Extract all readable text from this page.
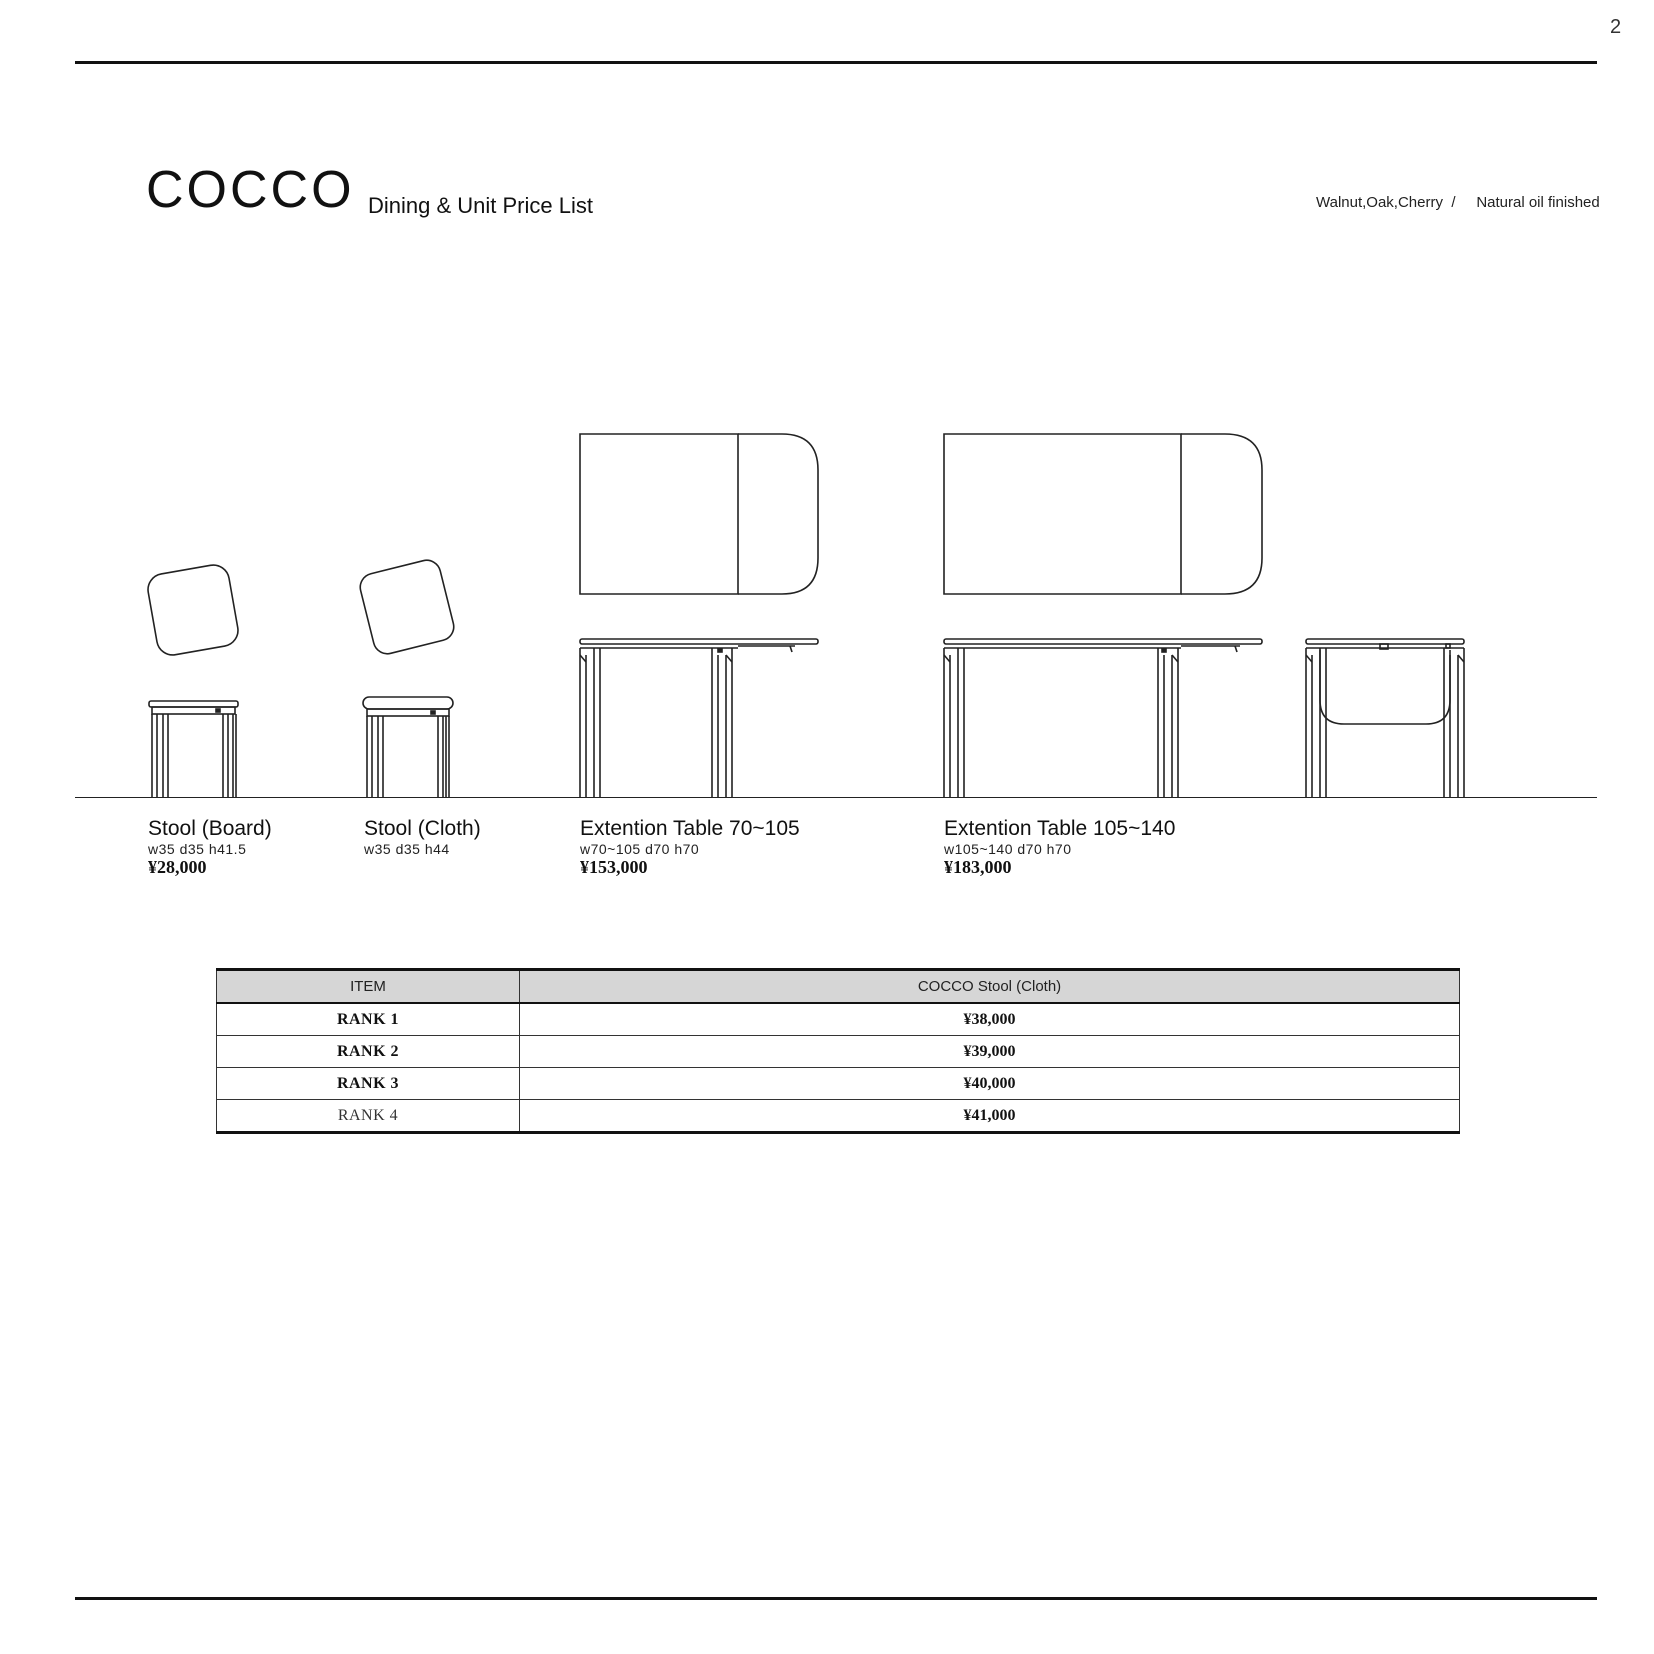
2
COCCO Dining & Unit Price List	Walnut,Oak,Cherry  /     Natural oil finished
Stool (Board)
w35 d35 h41.5
¥28,000
Stool (Cloth)
w35 d35 h44
Extention Table 70~105
w70~105 d70 h70
¥153,000
Extention Table 105~140
w105~140 d70 h70
¥183,000
ITEM	COCCO Stool (Cloth)
RANK 1	¥38,000
RANK 2	¥39,000
RANK 3	¥40,000
RANK 4	¥41,000
